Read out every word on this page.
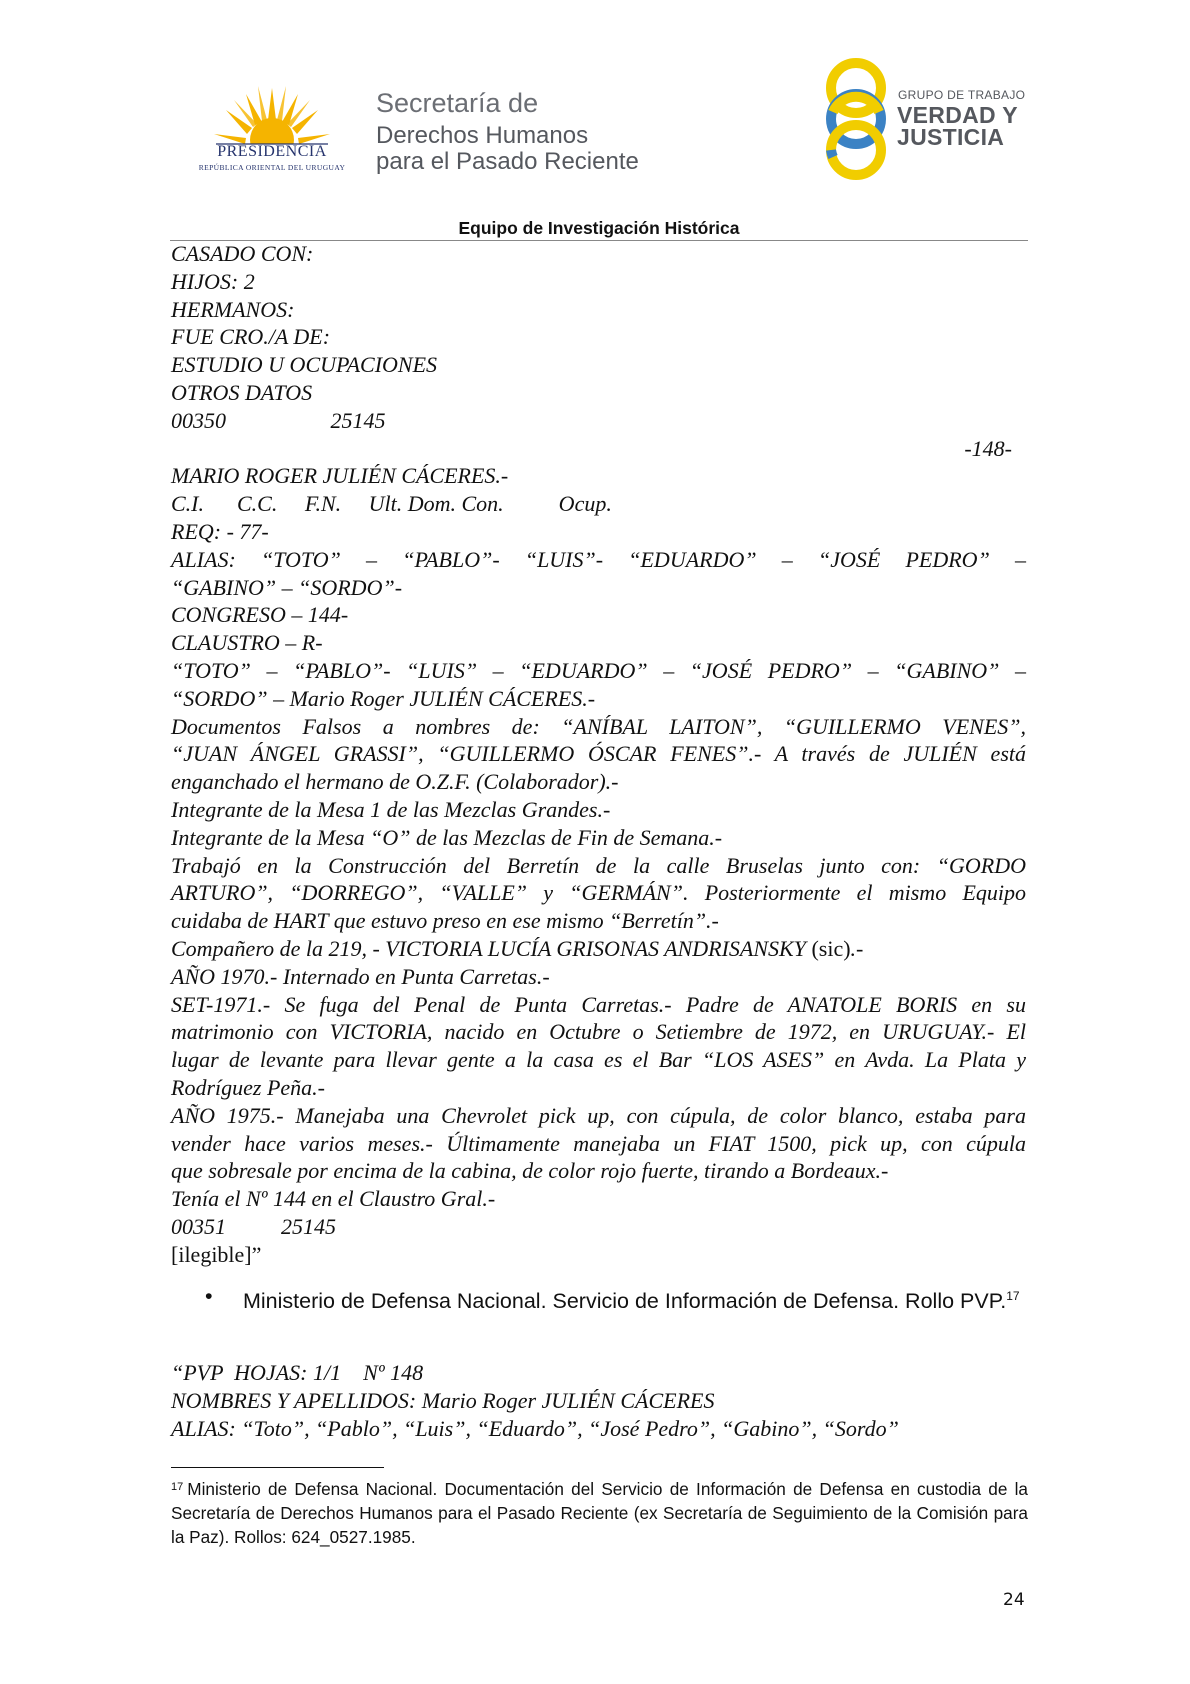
PRESIDENCIA
REPÚBLICA ORIENTAL DEL URUGUAY
Secretaría de
Derechos Humanos
para el Pasado Reciente
GRUPO DE TRABAJO
VERDAD Y
JUSTICIA
Equipo de Investigación Histórica
CASADO CON:
HIJOS: 2
HERMANOS:
FUE CRO./A DE:
ESTUDIO U OCUPACIONES
OTROS DATOS
00350                   25145
-148-
MARIO ROGER JULIÉN CÁCERES.-
C.I.      C.C.     F.N.     Ult. Dom. Con.          Ocup.
REQ: - 77-
ALIAS: “TOTO” – “PABLO”- “LUIS”- “EDUARDO” – “JOSÉ PEDRO” –
“GABINO” – “SORDO”-
CONGRESO – 144-
CLAUSTRO – R-
“TOTO” – “PABLO”- “LUIS” – “EDUARDO” – “JOSÉ PEDRO” – “GABINO” –
“SORDO” – Mario Roger JULIÉN CÁCERES.-
Documentos Falsos a nombres de: “ANÍBAL LAITON”, “GUILLERMO VENES”,
“JUAN ÁNGEL GRASSI”, “GUILLERMO ÓSCAR FENES”.- A través de JULIÉN está
enganchado el hermano de O.Z.F. (Colaborador).-
Integrante de la Mesa 1 de las Mezclas Grandes.-
Integrante de la Mesa “O” de las Mezclas de Fin de Semana.-
Trabajó en la Construcción del Berretín de la calle Bruselas junto con: “GORDO
ARTURO”, “DORREGO”, “VALLE” y “GERMÁN”. Posteriormente el mismo Equipo
cuidaba de HART que estuvo preso en ese mismo “Berretín”.-
Compañero de la 219, - VICTORIA LUCÍA GRISONAS ANDRISANSKY (sic).-
AÑO 1970.- Internado en Punta Carretas.-
SET-1971.- Se fuga del Penal de Punta Carretas.- Padre de ANATOLE BORIS en su
matrimonio con VICTORIA, nacido en Octubre o Setiembre de 1972, en URUGUAY.- El
lugar de levante para llevar gente a la casa es el Bar “LOS ASES” en Avda. La Plata y
Rodríguez Peña.-
AÑO 1975.- Manejaba una Chevrolet pick up, con cúpula, de color blanco, estaba para
vender hace varios meses.- Últimamente manejaba un FIAT 1500, pick up, con cúpula
que sobresale por encima de la cabina, de color rojo fuerte, tirando a Bordeaux.-
Tenía el Nº 144 en el Claustro Gral.-
00351          25145
[ilegible]”
• Ministerio de Defensa Nacional. Servicio de Información de Defensa. Rollo PVP.$^{17}$
“PVP  HOJAS: 1/1    Nº 148
NOMBRES Y APELLIDOS: Mario Roger JULIÉN CÁCERES
ALIAS: “Toto”, “Pablo”, “Luis”, “Eduardo”, “José Pedro”, “Gabino”, “Sordo”
$^{17}$ Ministerio de Defensa Nacional. Documentación del Servicio de Información de Defensa en custodia de la Secretaría de Derechos Humanos para el Pasado Reciente (ex Secretaría de Seguimiento de la Comisión para la Paz). Rollos: 624_0527.1985.
24
